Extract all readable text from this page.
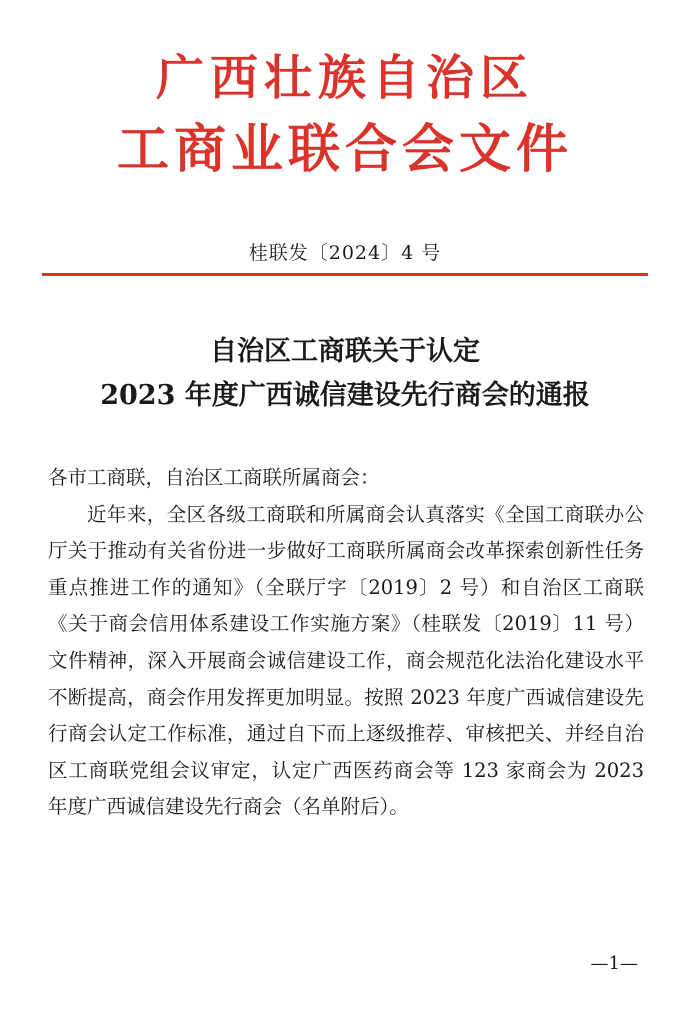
广西壮族自治区
工商业联合会文件
桂联发〔2024〕4 号
自治区工商联关于认定
2023 年度广西诚信建设先行商会的通报

各市工商联，自治区工商联所属商会：

近年来，全区各级工商联和所属商会认真落实《全国工商联办公厅关于推动有关省份进一步做好工商联所属商会改革探索创新性任务重点推进工作的通知》（全联厅字〔2019〕2 号）和自治区工商联《关于商会信用体系建设工作实施方案》（桂联发〔2019〕11 号）文件精神，深入开展商会诚信建设工作，商会规范化法治化建设水平不断提高，商会作用发挥更加明显。按照 2023 年度广西诚信建设先行商会认定工作标准，通过自下而上逐级推荐、审核把关、并经自治区工商联党组会议审定，认定广西医药商会等 123 家商会为 2023 年度广西诚信建设先行商会（名单附后）。

—1—
